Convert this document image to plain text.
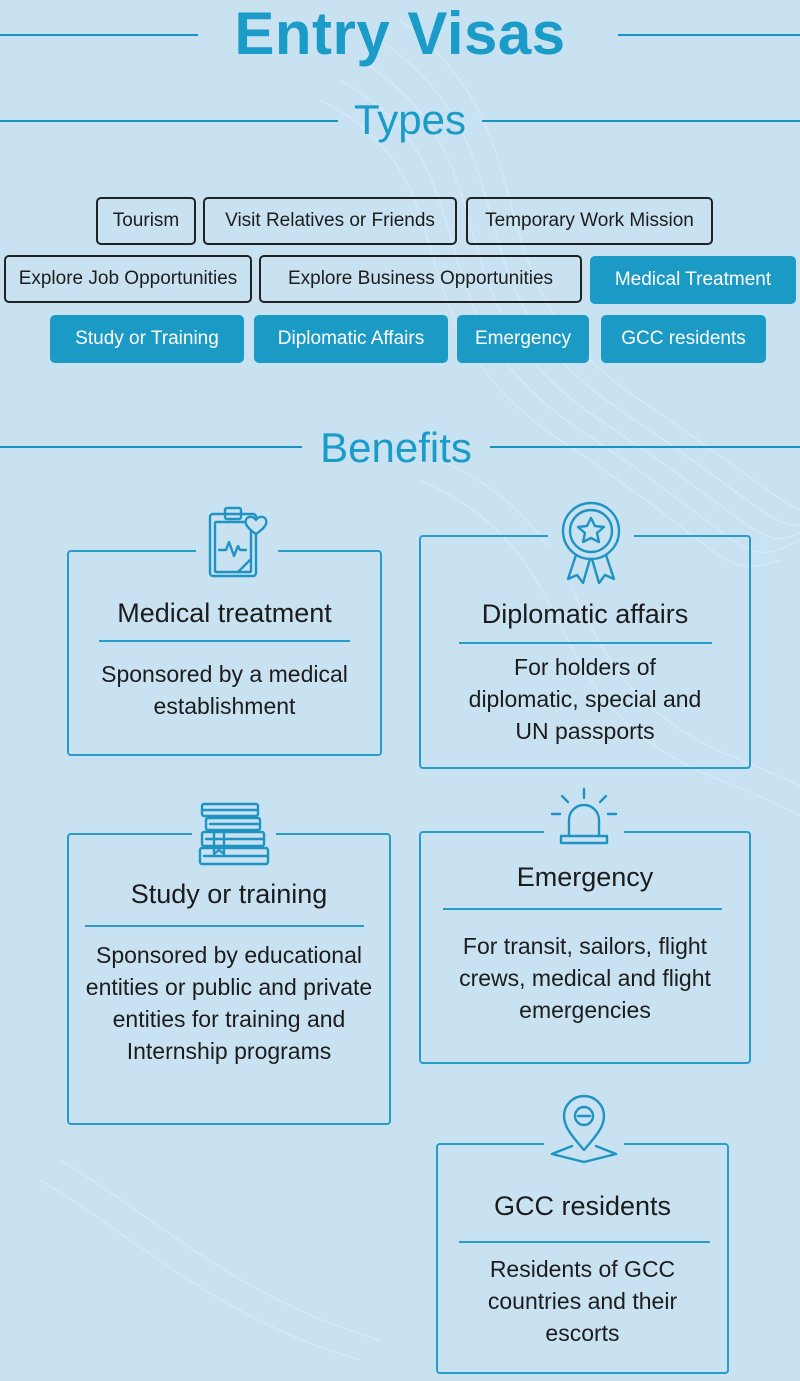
Entry Visas
Types
Tourism	Visit Relatives or Friends	Temporary Work Mission
Explore Job Opportunities	Explore Business Opportunities	Medical Treatment
Study or Training	Diplomatic Affairs	Emergency	GCC residents
Benefits
Medical treatment
Sponsored by a medical establishment
Diplomatic affairs
For holders of diplomatic, special and UN passports
Study or training
Sponsored by educational entities or public and private entities for training and Internship programs
Emergency
For transit, sailors, flight crews, medical and flight emergencies
GCC residents
Residents of GCC countries and their escorts
